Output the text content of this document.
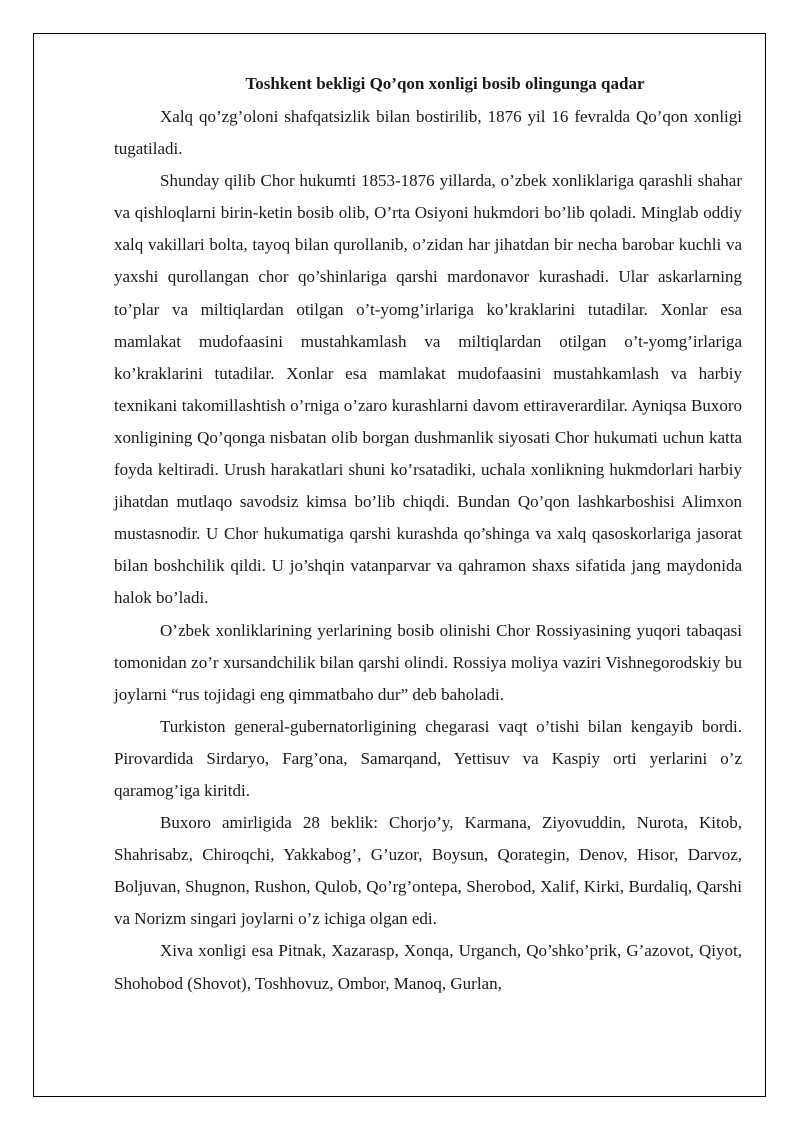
Toshkent bekligi Qo’qon xonligi bosib olingunga qadar

Xalq qo’zg’oloni shafqatsizlik bilan bostirilib, 1876 yil 16 fevralda Qo’qon xonligi tugatiladi.

Shunday qilib Chor hukumti 1853-1876 yillarda, o’zbek xonliklariga qarashli shahar va qishloqlarni birin-ketin bosib olib, O’rta Osiyoni hukmdori bo’lib qoladi. Minglab oddiy xalq vakillari bolta, tayoq bilan qurollanib, o’zidan har jihatdan bir necha barobar kuchli va yaxshi qurollangan chor qo’shinlariga qarshi mardonavor kurashadi. Ular askarlarning to’plar va miltiqlardan otilgan o’t-yomg’irlariga ko’kraklarini tutadilar. Xonlar esa mamlakat mudofaasini mustahkamlash va miltiqlardan otilgan o’t-yomg’irlariga ko’kraklarini tutadilar. Xonlar esa mamlakat mudofaasini mustahkamlash va harbiy texnikani takomillashtish o’rniga o’zaro kurashlarni davom ettiraverardilar. Ayniqsa Buxoro xonligining Qo’qonga nisbatan olib borgan dushmanlik siyosati Chor hukumati uchun katta foyda keltiradi. Urush harakatlari shuni ko’rsatadiki, uchala xonlikning hukmdorlari harbiy jihatdan mutlaqo savodsiz kimsa bo’lib chiqdi. Bundan Qo’qon lashkarboshisi Alimxon mustasnodir. U Chor hukumatiga qarshi kurashda qo’shinga va xalq qasoskorlariga jasorat bilan boshchilik qildi. U jo’shqin vatanparvar va qahramon shaxs sifatida jang maydonida halok bo’ladi.

O’zbek xonliklarining yerlarining bosib olinishi Chor Rossiyasining yuqori tabaqasi tomonidan zo’r xursandchilik bilan qarshi olindi. Rossiya moliya vaziri Vishnegorodskiy bu joylarni “rus tojidagi eng qimmatbaho dur” deb baholadi.

Turkiston general-gubernatorligining chegarasi vaqt o’tishi bilan kengayib bordi. Pirovardida Sirdaryo, Farg’ona, Samarqand, Yettisuv va Kaspiy orti yerlarini o’z qaramog’iga kiritdi.

Buxoro amirligida 28 beklik: Chorjo’y, Karmana, Ziyovuddin, Nurota, Kitob, Shahrisabz, Chiroqchi, Yakkabog’, G’uzor, Boysun, Qorategin, Denov, Hisor, Darvoz, Boljuvan, Shugnon, Rushon, Qulob, Qo’rg’ontepa, Sherobod, Xalif, Kirki, Burdaliq, Qarshi va Norizm singari joylarni o’z ichiga olgan edi.

Xiva xonligi esa Pitnak, Xazarasp, Xonqa, Urganch, Qo’shko’prik, G’azovot, Qiyot, Shohobod (Shovot), Toshhovuz, Ombor, Manoq, Gurlan,
